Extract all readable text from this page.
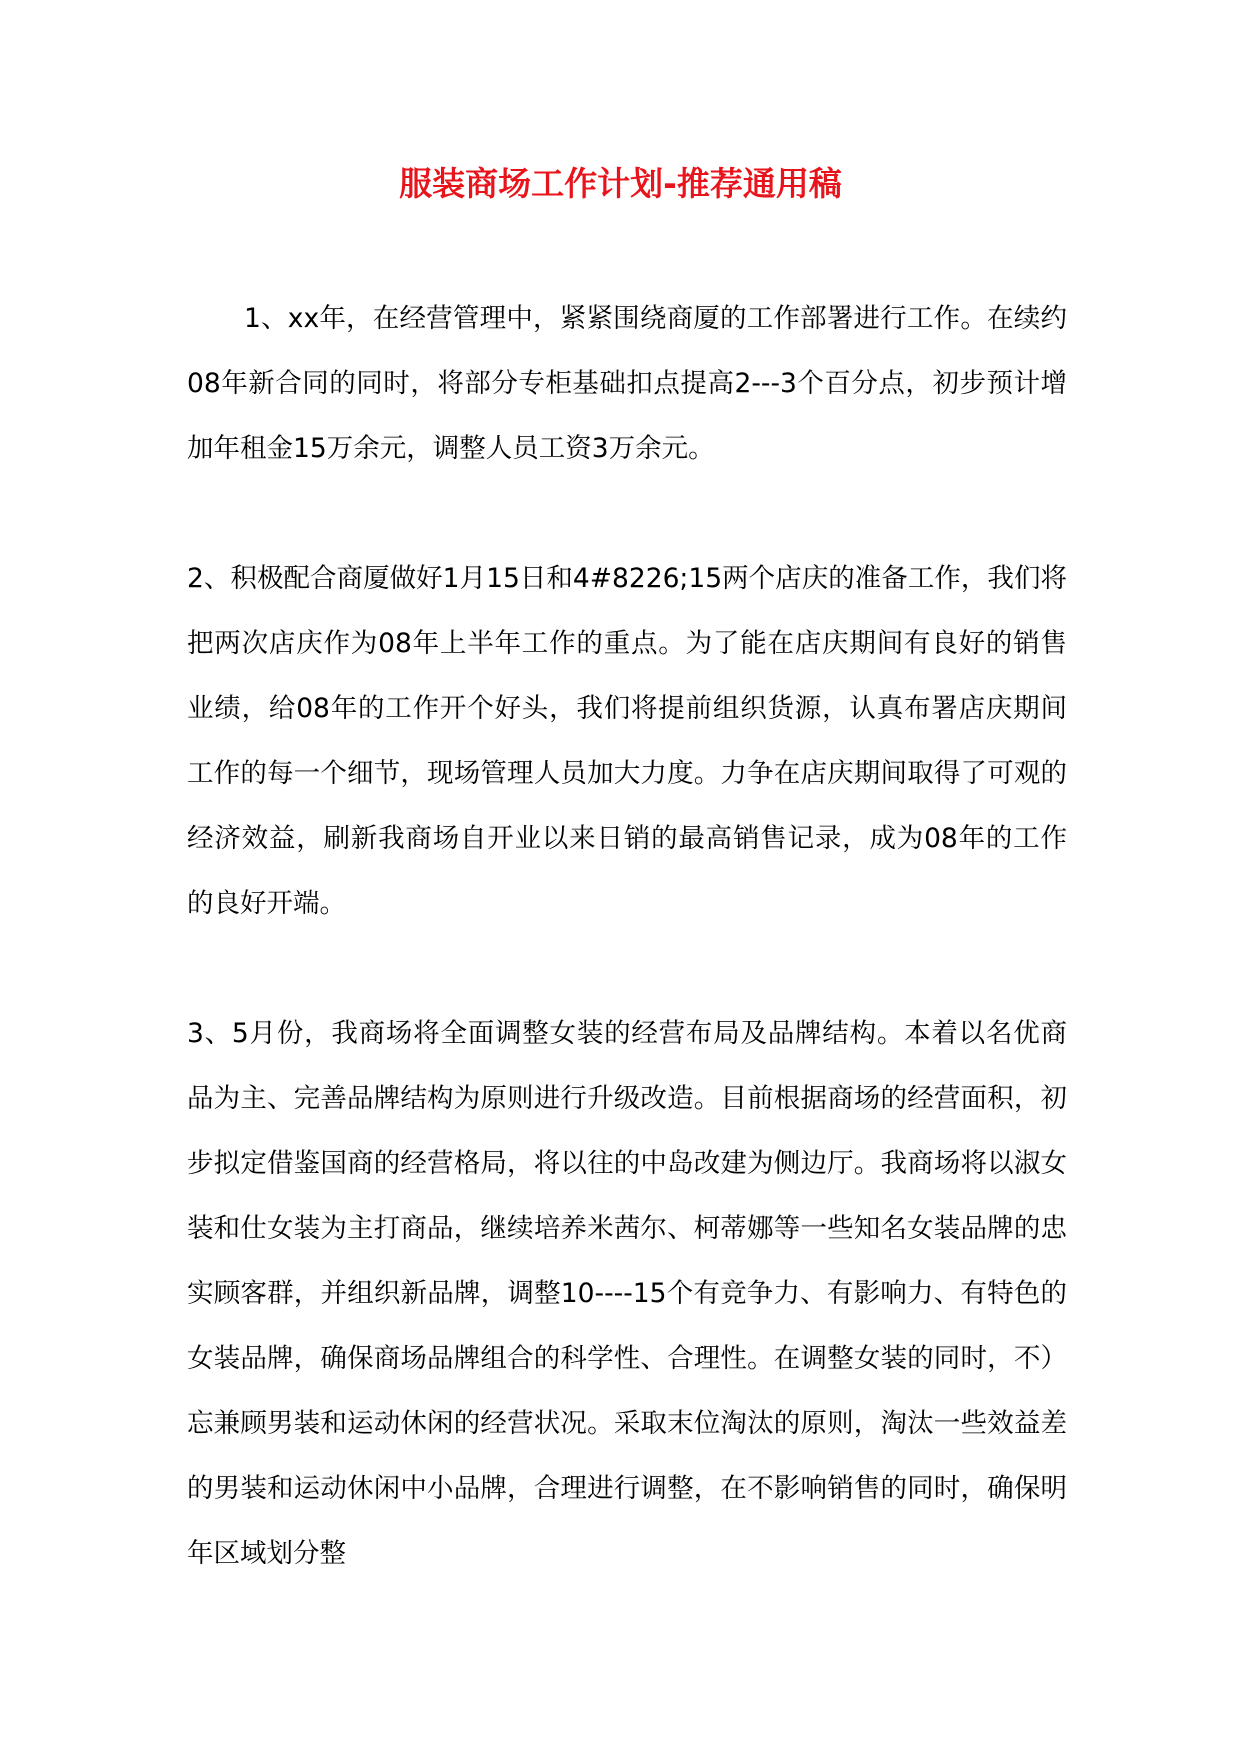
服装商场工作计划-推荐通用稿

1、xx年，在经营管理中，紧紧围绕商厦的工作部署进行工作。在续约08年新合同的同时，将部分专柜基础扣点提高2---3个百分点，初步预计增加年租金15万余元，调整人员工资3万余元。

2、积极配合商厦做好1月15日和4#8226;15两个店庆的准备工作，我们将把两次店庆作为08年上半年工作的重点。为了能在店庆期间有良好的销售业绩，给08年的工作开个好头，我们将提前组织货源，认真布署店庆期间工作的每一个细节，现场管理人员加大力度。力争在店庆期间取得了可观的经济效益，刷新我商场自开业以来日销的最高销售记录，成为08年的工作的良好开端。

3、5月份，我商场将全面调整女装的经营布局及品牌结构。本着以名优商品为主、完善品牌结构为原则进行升级改造。目前根据商场的经营面积，初步拟定借鉴国商的经营格局，将以往的中岛改建为侧边厅。我商场将以淑女装和仕女装为主打商品，继续培养米茜尔、柯蒂娜等一些知名女装品牌的忠实顾客群，并组织新品牌，调整10----15个有竞争力、有影响力、有特色的女装品牌，确保商场品牌组合的科学性、合理性。在调整女装的同时，不）忘兼顾男装和运动休闲的经营状况。采取末位淘汰的原则，淘汰一些效益差的男装和运动休闲中小品牌，合理进行调整，在不影响销售的同时，确保明年区域划分整
